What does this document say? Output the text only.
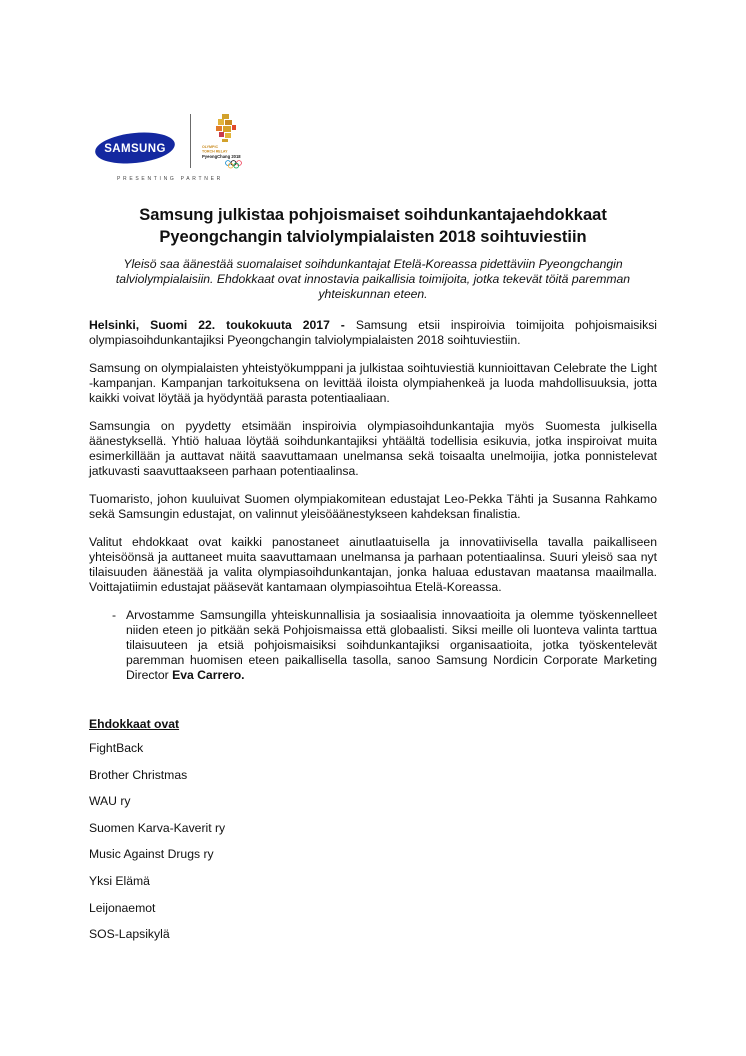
SAMSUNG	OLYMPIC
TORCH RELAY
PyeongChang 2018
PRESENTING PARTNER
Samsung julkistaa pohjoismaiset soihdunkantajaehdokkaat
Pyeongchangin talviolympialaisten 2018 soihtuviestiin
Yleisö saa äänestää suomalaiset soihdunkantajat Etelä-Koreassa pidettäviin Pyeongchangin talviolympialaisiin. Ehdokkaat ovat innostavia paikallisia toimijoita, jotka tekevät töitä paremman yhteiskunnan eteen.

Helsinki, Suomi 22. toukokuuta 2017 - Samsung etsii inspiroivia toimijoita pohjoismaisiksi olympiasoihdunkantajiksi Pyeongchangin talviolympialaisten 2018 soihtuviestiin.

Samsung on olympialaisten yhteistyökumppani ja julkistaa soihtuviestiä kunnioittavan Celebrate the Light -kampanjan. Kampanjan tarkoituksena on levittää iloista olympiahenkeä ja luoda mahdollisuuksia, jotta kaikki voivat löytää ja hyödyntää parasta potentiaaliaan.

Samsungia on pyydetty etsimään inspiroivia olympiasoihdunkantajia myös Suomesta julkisella äänestyksellä. Yhtiö haluaa löytää soihdunkantajiksi yhtäältä todellisia esikuvia, jotka inspiroivat muita esimerkillään ja auttavat näitä saavuttamaan unelmansa sekä toisaalta unelmoijia, jotka ponnistelevat jatkuvasti saavuttaakseen parhaan potentiaalinsa.

Tuomaristo, johon kuuluivat Suomen olympiakomitean edustajat Leo-Pekka Tähti ja Susanna Rahkamo sekä Samsungin edustajat, on valinnut yleisöäänestykseen kahdeksan finalistia.

Valitut ehdokkaat ovat kaikki panostaneet ainutlaatuisella ja innovatiivisella tavalla paikalliseen yhteisöönsä ja auttaneet muita saavuttamaan unelmansa ja parhaan potentiaalinsa. Suuri yleisö saa nyt tilaisuuden äänestää ja valita olympiasoihdunkantajan, jonka haluaa edustavan maatansa maailmalla. Voittajatiimin edustajat pääsevät kantamaan olympiasoihtua Etelä-Koreassa.

- Arvostamme Samsungilla yhteiskunnallisia ja sosiaalisia innovaatioita ja olemme työskennelleet niiden eteen jo pitkään sekä Pohjoismaissa että globaalisti. Siksi meille oli luonteva valinta tarttua tilaisuuteen ja etsiä pohjoismaisiksi soihdunkantajiksi organisaatioita, jotka työskentelevät paremman huomisen eteen paikallisella tasolla, sanoo Samsung Nordicin Corporate Marketing Director Eva Carrero.
Ehdokkaat ovat
FightBack
Brother Christmas
WAU ry
Suomen Karva-Kaverit ry
Music Against Drugs ry
Yksi Elämä
Leijonaemot
SOS-Lapsikylä
